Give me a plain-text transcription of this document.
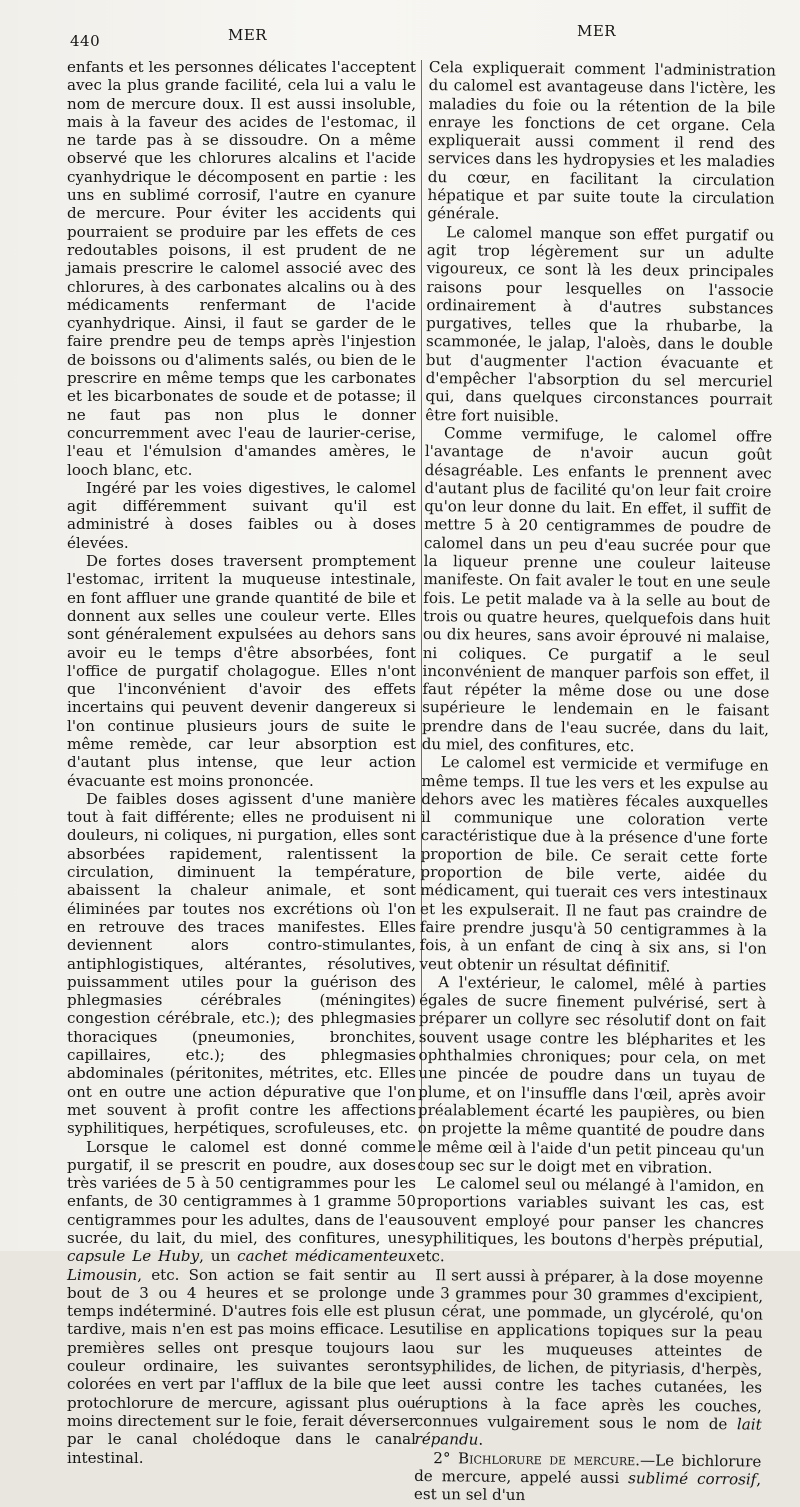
440	MER	MER

enfants et les personnes délicates l'acceptent avec la plus grande facilité, cela lui a valu le nom de mercure doux. Il est aussi insoluble, mais à la faveur des acides de l'estomac, il ne tarde pas à se dissoudre. On a même observé que les chlorures alcalins et l'acide cyanhydrique le décomposent en partie : les uns en sublimé corrosif, l'autre en cyanure de mercure. Pour éviter les accidents qui pourraient se produire par les effets de ces redoutables poisons, il est prudent de ne jamais prescrire le calomel associé avec des chlorures, à des carbonates alcalins ou à des médicaments renfermant de l'acide cyanhydrique. Ainsi, il faut se garder de le faire prendre peu de temps après l'injestion de boissons ou d'aliments salés, ou bien de le prescrire en même temps que les carbonates et les bicarbonates de soude et de potasse; il ne faut pas non plus le donner concurremment avec l'eau de laurier-cerise, l'eau et l'émulsion d'amandes amères, le looch blanc, etc.

Ingéré par les voies digestives, le calomel agit différemment suivant qu'il est administré à doses faibles ou à doses élevées.

De fortes doses traversent promptement l'estomac, irritent la muqueuse intestinale, en font affluer une grande quantité de bile et donnent aux selles une couleur verte. Elles sont généralement expulsées au dehors sans avoir eu le temps d'être absorbées, font l'office de purgatif cholagogue. Elles n'ont que l'inconvénient d'avoir des effets incertains qui peuvent devenir dangereux si l'on continue plusieurs jours de suite le même remède, car leur absorption est d'autant plus intense, que leur action évacuante est moins prononcée.

De faibles doses agissent d'une manière tout à fait différente; elles ne produisent ni douleurs, ni coliques, ni purgation, elles sont absorbées rapidement, ralentissent la circulation, diminuent la température, abaissent la chaleur animale, et sont éliminées par toutes nos excrétions où l'on en retrouve des traces manifestes. Elles deviennent alors contro-stimulantes, antiphlogistiques, altérantes, résolutives, puissamment utiles pour la guérison des phlegmasies cérébrales (méningites) congestion cérébrale, etc.); des phlegmasies thoraciques (pneumonies, bronchites, capillaires, etc.); des phlegmasies abdominales (péritonites, métrites, etc. Elles ont en outre une action dépurative que l'on met souvent à profit contre les affections syphilitiques, herpétiques, scrofuleuses, etc.

Lorsque le calomel est donné comme purgatif, il se prescrit en poudre, aux doses très variées de 5 à 50 centigrammes pour les enfants, de 30 centigrammes à 1 gramme 50 centigrammes pour les adultes, dans de l'eau sucrée, du lait, du miel, des confitures, une capsule Le Huby, un cachet médicamenteux Limousin, etc. Son action se fait sentir au bout de 3 ou 4 heures et se prolonge un temps indéterminé. D'autres fois elle est plus tardive, mais n'en est pas moins efficace. Les premières selles ont presque toujours la couleur ordinaire, les suivantes seront colorées en vert par l'afflux de la bile que le protochlorure de mercure, agissant plus ou moins directement sur le foie, ferait déverser par le canal cholédoque dans le canal intestinal.

Cela expliquerait comment l'administration du calomel est avantageuse dans l'ictère, les maladies du foie ou la rétention de la bile enraye les fonctions de cet organe. Cela expliquerait aussi comment il rend des services dans les hydropysies et les maladies du cœur, en facilitant la circulation hépatique et par suite toute la circulation générale.

Le calomel manque son effet purgatif ou agit trop légèrement sur un adulte vigoureux, ce sont là les deux principales raisons pour lesquelles on l'associe ordinairement à d'autres substances purgatives, telles que la rhubarbe, la scammonée, le jalap, l'aloès, dans le double but d'augmenter l'action évacuante et d'empêcher l'absorption du sel mercuriel qui, dans quelques circonstances pourrait être fort nuisible.

Comme vermifuge, le calomel offre l'avantage de n'avoir aucun goût désagréable. Les enfants le prennent avec d'autant plus de facilité qu'on leur fait croire qu'on leur donne du lait. En effet, il suffit de mettre 5 à 20 centigrammes de poudre de calomel dans un peu d'eau sucrée pour que la liqueur prenne une couleur laiteuse manifeste. On fait avaler le tout en une seule fois. Le petit malade va à la selle au bout de trois ou quatre heures, quelquefois dans huit ou dix heures, sans avoir éprouvé ni malaise, ni coliques. Ce purgatif a le seul inconvénient de manquer parfois son effet, il faut répéter la même dose ou une dose supérieure le lendemain en le faisant prendre dans de l'eau sucrée, dans du lait, du miel, des confitures, etc.

Le calomel est vermicide et vermifuge en même temps. Il tue les vers et les expulse au dehors avec les matières fécales auxquelles il communique une coloration verte caractéristique due à la présence d'une forte proportion de bile. Ce serait cette forte proportion de bile verte, aidée du médicament, qui tuerait ces vers intestinaux et les expulserait. Il ne faut pas craindre de faire prendre jusqu'à 50 centigrammes à la fois, à un enfant de cinq à six ans, si l'on veut obtenir un résultat définitif.

A l'extérieur, le calomel, mêlé à parties égales de sucre finement pulvérisé, sert à préparer un collyre sec résolutif dont on fait souvent usage contre les blépharites et les ophthalmies chroniques; pour cela, on met une pincée de poudre dans un tuyau de plume, et on l'insuffle dans l'œil, après avoir préalablement écarté les paupières, ou bien on projette la même quantité de poudre dans le même œil à l'aide d'un petit pinceau qu'un coup sec sur le doigt met en vibration.

Le calomel seul ou mélangé à l'amidon, en proportions variables suivant les cas, est souvent employé pour panser les chancres syphilitiques, les boutons d'herpès préputial, etc.

Il sert aussi à préparer, à la dose moyenne de 3 grammes pour 30 grammes d'excipient, un cérat, une pommade, un glycérolé, qu'on utilise en applications topiques sur la peau ou sur les muqueuses atteintes de syphilides, de lichen, de pityriasis, d'herpès, et aussi contre les taches cutanées, les éruptions à la face après les couches, connues vulgairement sous le nom de lait répandu.

2° Bichlorure de mercure.—Le bichlorure de mercure, appelé aussi sublimé corrosif, est un sel d'un
